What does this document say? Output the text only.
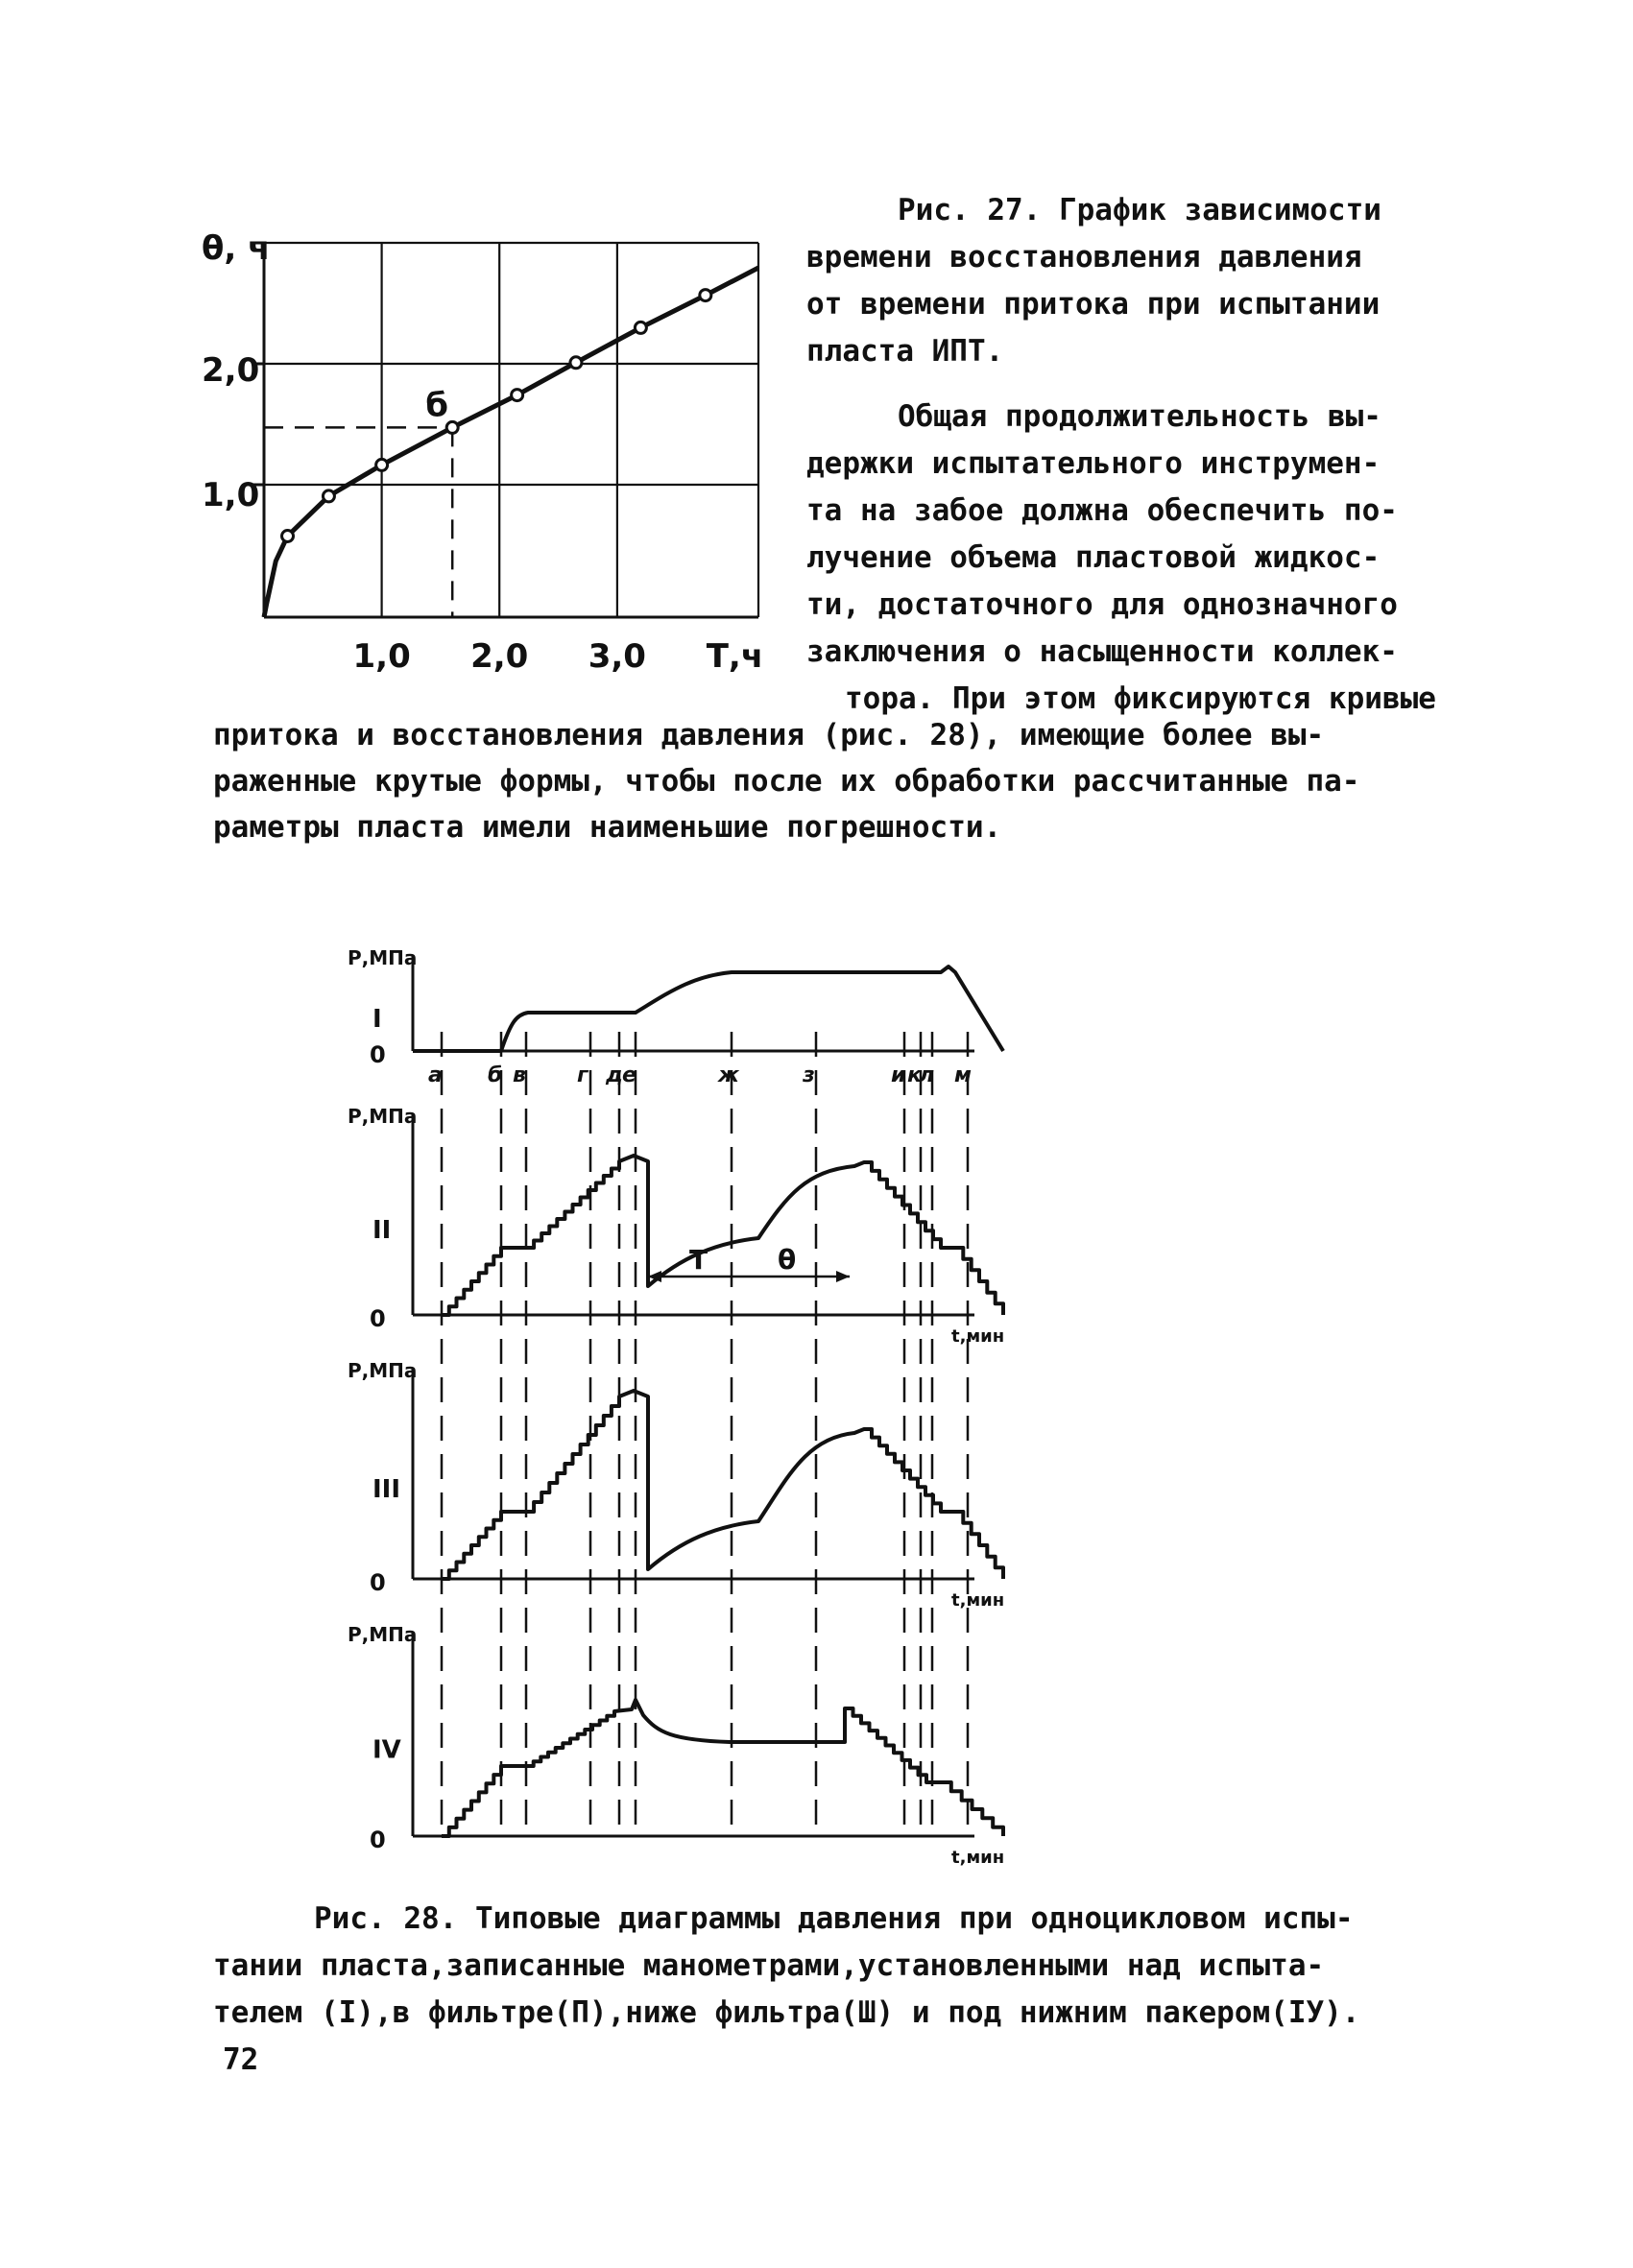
θ, ч
1,0
2,0
1,0 2,0 3,0 Т,ч
б
Рис. 27. График зависимости
времени восстановления давления
от времени притока при испытании
пласта ИПТ.
Общая продолжительность вы-
держки испытательного инструмен-
та на забое должна обеспечить по-
лучение объема пластовой жидкос-
ти, достаточного для однозначного
заключения о насыщенности коллек-
тора. При этом фиксируются кривые
притока и восстановления давления (рис. 28), имеющие более вы-
раженные крутые формы, чтобы после их обработки рассчитанные па-
раметры пласта имели наименьшие погрешности.
Р,МПа
0
I
Р,МПа
0
II
t,мин
Р,МПа
0
III
t,мин
Р,МПа
0
IV
t,мин
а б в г д е	ж	з	и к
л м
T	θ
Рис. 28. Типовые диаграммы давления при одноцикловом испы-
тании пласта,записанные манометрами,установленными над испыта-
телем (I),в фильтре(П),ниже фильтра(Ш) и под нижним пакером(IУ).
72
